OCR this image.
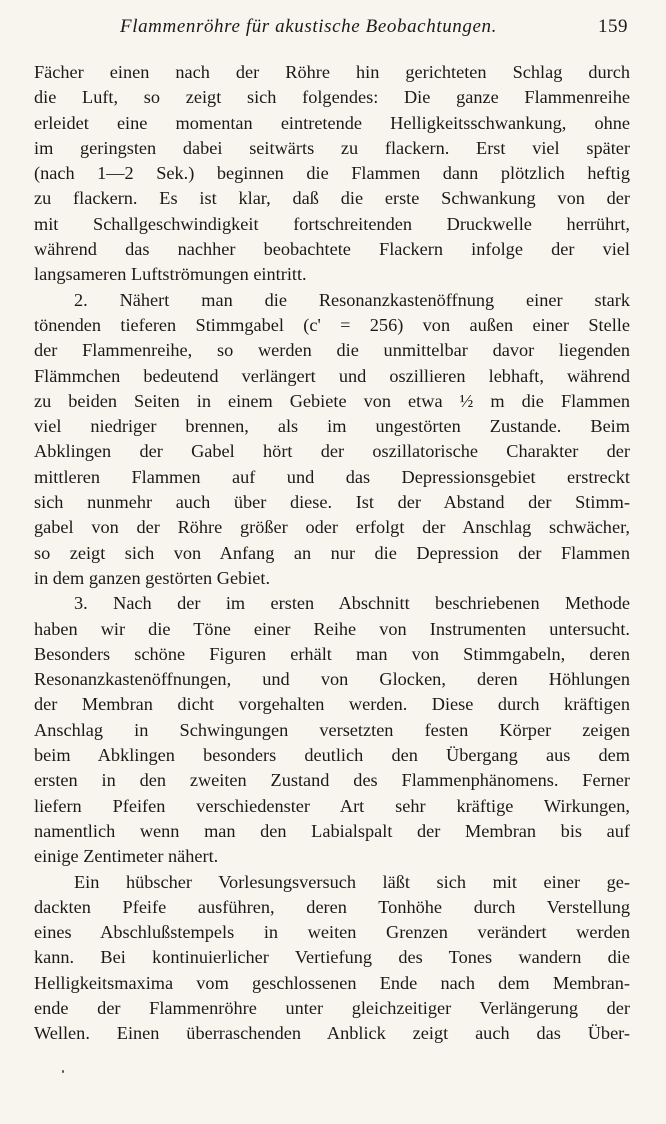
Flammenröhre für akustische Beobachtungen.	159
Fächer einen nach der Röhre hin gerichteten Schlag durch
die Luft, so zeigt sich folgendes: Die ganze Flammenreihe
erleidet eine momentan eintretende Helligkeitsschwankung, ohne
im geringsten dabei seitwärts zu flackern. Erst viel später
(nach 1—2 Sek.) beginnen die Flammen dann plötzlich heftig
zu flackern. Es ist klar, daß die erste Schwankung von der
mit Schallgeschwindigkeit fortschreitenden Druckwelle herrührt,
während das nachher beobachtete Flackern infolge der viel
langsameren Luftströmungen eintritt.
2. Nähert man die Resonanzkastenöffnung einer stark
tönenden tieferen Stimmgabel (c' = 256) von außen einer Stelle
der Flammenreihe, so werden die unmittelbar davor liegenden
Flämmchen bedeutend verlängert und oszillieren lebhaft, während
zu beiden Seiten in einem Gebiete von etwa ½ m die Flammen
viel niedriger brennen, als im ungestörten Zustande. Beim
Abklingen der Gabel hört der oszillatorische Charakter der
mittleren Flammen auf und das Depressionsgebiet erstreckt
sich nunmehr auch über diese. Ist der Abstand der Stimm-
gabel von der Röhre größer oder erfolgt der Anschlag schwächer,
so zeigt sich von Anfang an nur die Depression der Flammen
in dem ganzen gestörten Gebiet.
3. Nach der im ersten Abschnitt beschriebenen Methode
haben wir die Töne einer Reihe von Instrumenten untersucht.
Besonders schöne Figuren erhält man von Stimmgabeln, deren
Resonanzkastenöffnungen, und von Glocken, deren Höhlungen
der Membran dicht vorgehalten werden. Diese durch kräftigen
Anschlag in Schwingungen versetzten festen Körper zeigen
beim Abklingen besonders deutlich den Übergang aus dem
ersten in den zweiten Zustand des Flammenphänomens. Ferner
liefern Pfeifen verschiedenster Art sehr kräftige Wirkungen,
namentlich wenn man den Labialspalt der Membran bis auf
einige Zentimeter nähert.
Ein hübscher Vorlesungsversuch läßt sich mit einer ge-
dackten Pfeife ausführen, deren Tonhöhe durch Verstellung
eines Abschlußstempels in weiten Grenzen verändert werden
kann. Bei kontinuierlicher Vertiefung des Tones wandern die
Helligkeitsmaxima vom geschlossenen Ende nach dem Membran-
ende der Flammenröhre unter gleichzeitiger Verlängerung der
Wellen. Einen überraschenden Anblick zeigt auch das Über-
